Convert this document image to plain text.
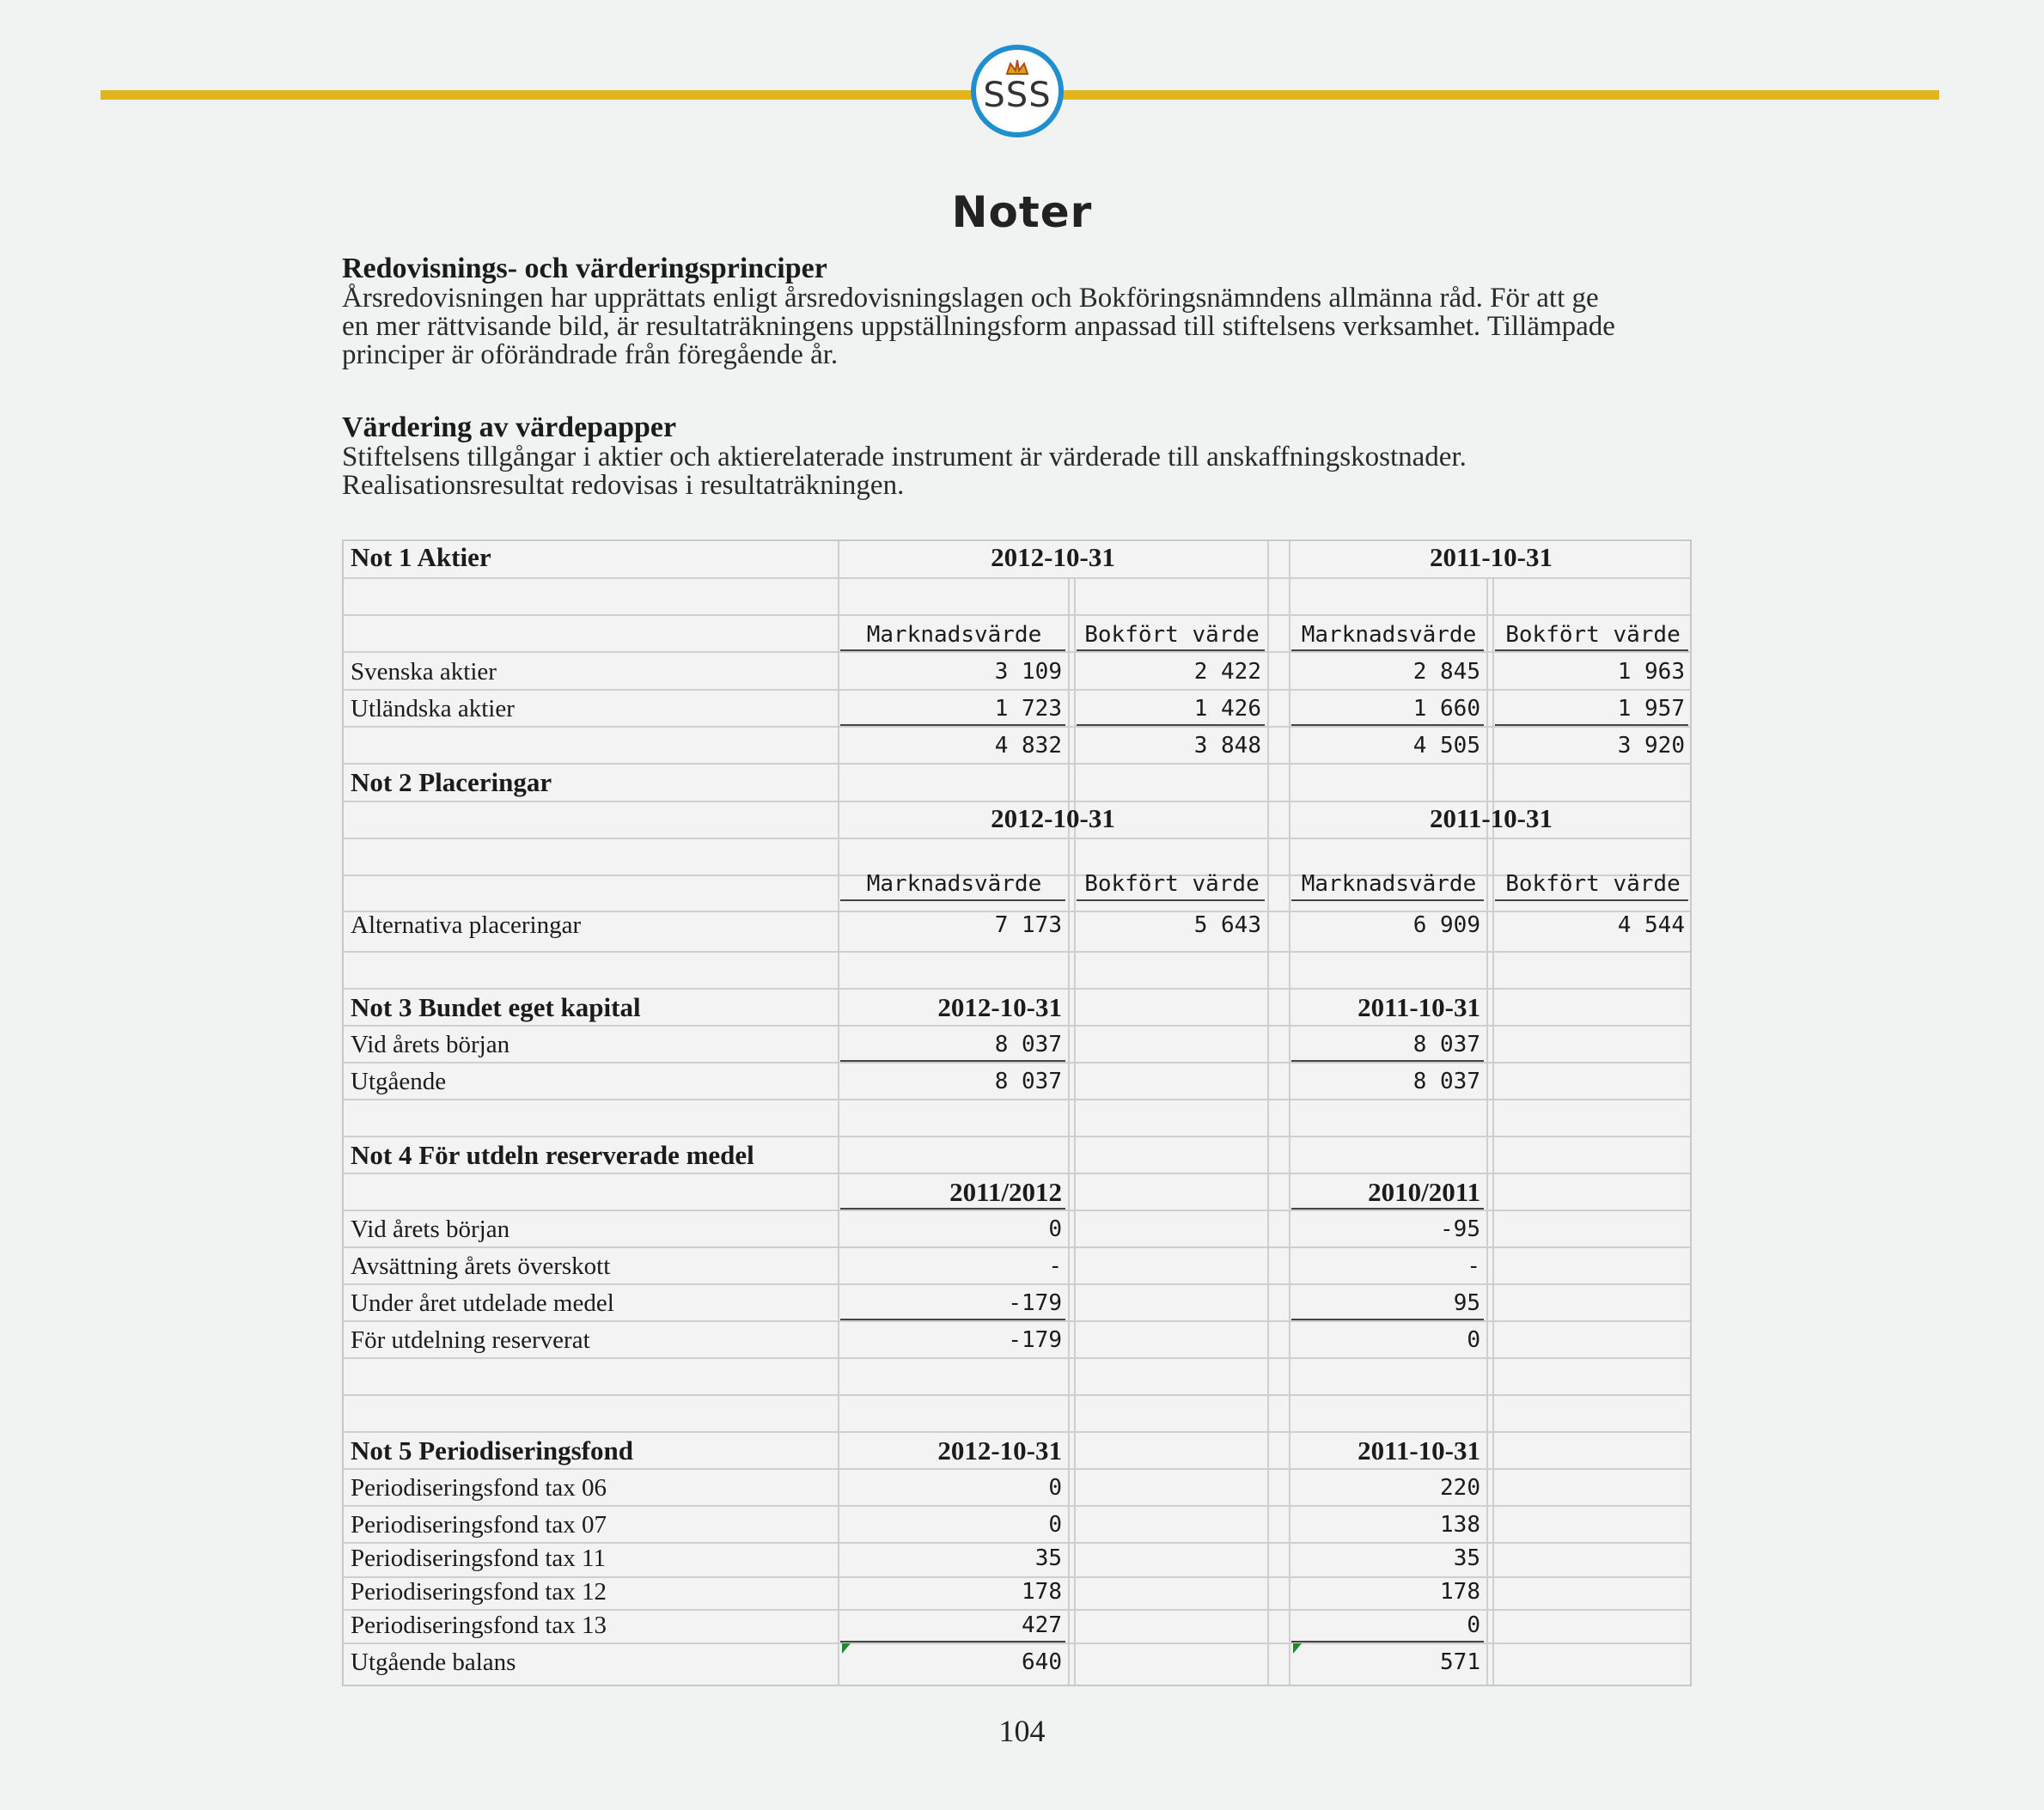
SSS
Noter
Redovisnings- och värderingsprinciper

Årsredovisningen har upprättats enligt årsredovisningslagen och Bokföringsnämndens allmänna råd. För att ge

en mer rättvisande bild, är resultaträkningens uppställningsform anpassad till stiftelsens verksamhet. Tillämpade

principer är oförändrade från föregående år.

Värdering av värdepapper

Stiftelsens tillgångar i aktier och aktierelaterade instrument är värderade till anskaffningskostnader.

Realisationsresultat redovisas i resultaträkningen.

Not 1 Aktier	2012-10-31	2011-10-31
Marknadsvärde	Bokfört värde	Marknadsvärde	Bokfört värde
Svenska aktier	3 109	2 422	2 845	1 963
Utländska aktier	1 723	1 426	1 660	1 957
4 832	3 848	4 505	3 920
Not 2 Placeringar
2012-10-31	2011-10-31
Marknadsvärde	Bokfört värde	Marknadsvärde	Bokfört värde
Alternativa placeringar	7 173	5 643	6 909	4 544
Not 3 Bundet eget kapital	2012-10-31	2011-10-31
Vid årets början	8 037	8 037
Utgående	8 037	8 037
Not 4 För utdeln reserverade medel
2011/2012	2010/2011
Vid årets början	0	-95
Avsättning årets överskott	-	-
Under året utdelade medel	-179	95
För utdelning reserverat	-179	0
Not 5 Periodiseringsfond	2012-10-31	2011-10-31
Periodiseringsfond tax 06	0	220
Periodiseringsfond tax 07	0	138
Periodiseringsfond tax 11	35	35
Periodiseringsfond tax 12	178	178
Periodiseringsfond tax 13	427	0
Utgående balans	640	571
104
